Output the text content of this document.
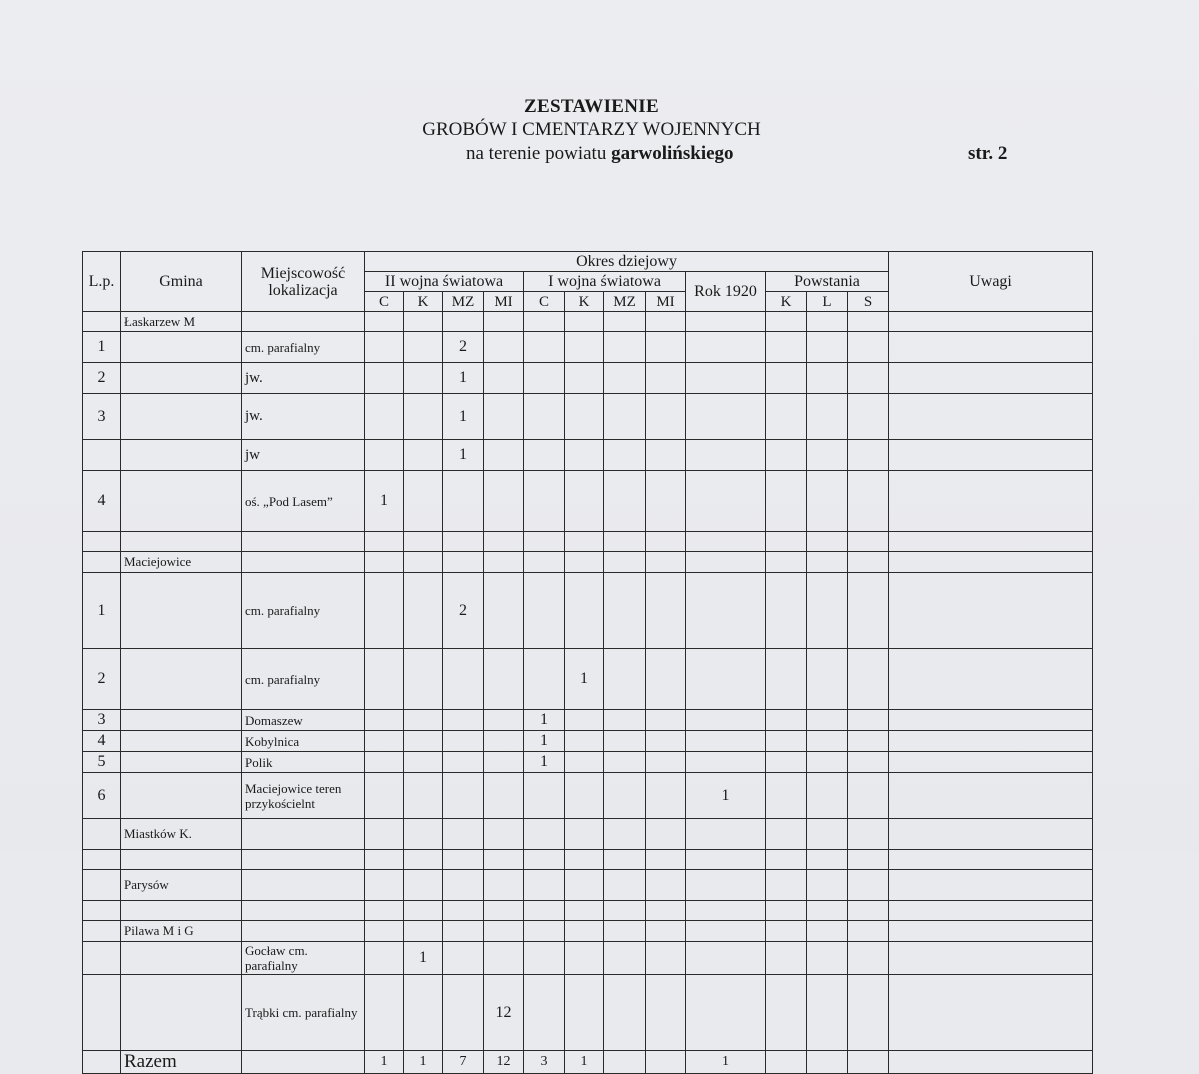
ZESTAWIENIE
GROBÓW I CMENTARZY WOJENNYCH
na terenie powiatu garwolińskiego	str. 2
L.p.	Gmina	Miejscowość lokalizacja	Okres dziejowy												Uwagi	
			II wojna światowa				I wojna światowa				Rok 1920	Powstania				
			C	K	MZ	MI	C	K	MZ	MI		K	L	S		
	Łaskarzew M															
1		cm. parafialny			2											
2		jw.			1											
3		jw.			1											
		jw			1											
4		oś. „Pod Lasem”	1													

	Maciejowice															
1		cm. parafialny			2											
2		cm. parafialny						1								
3		Domaszew					1									
4		Kobylnica					1									
5		Polik					1									
6		Maciejowice teren przykościelnt									1					
	Miastków K.															

	Parysów															

	Pilawa M i G															
		Gocław cm. parafialny		1												
		Trąbki cm. parafialny				12										
	Razem		1	1	7	12	3	1			1					
